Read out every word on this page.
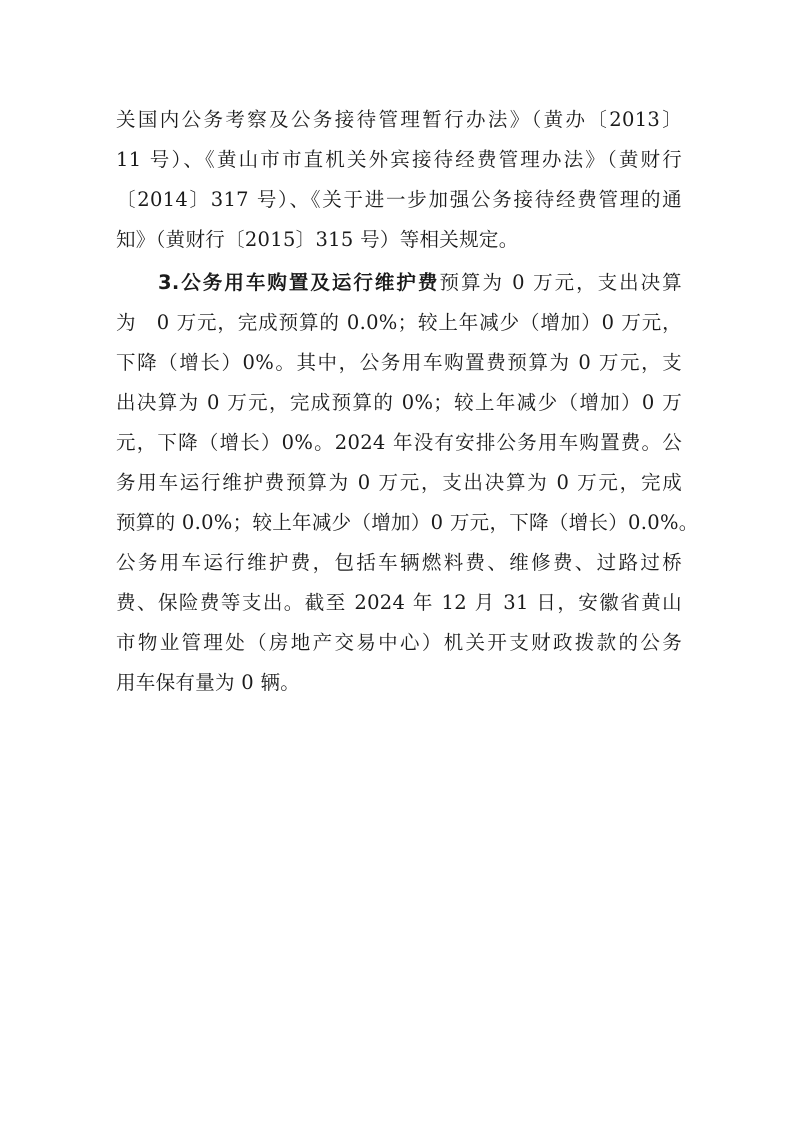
关国内公务考察及公务接待管理暂行办法》（黄办〔2013〕
11 号）、《黄山市市直机关外宾接待经费管理办法》（黄财行
〔2014〕317 号）、《关于进一步加强公务接待经费管理的通
知》（黄财行〔2015〕315 号）等相关规定。
3.公务用车购置及运行维护费预算为 0 万元，支出决算
为　0 万元，完成预算的 0.0%；较上年减少（增加）0 万元，
下降（增长）0%。其中，公务用车购置费预算为 0 万元，支
出决算为 0 万元，完成预算的 0%；较上年减少（增加）0 万
元，下降（增长）0%。2024 年没有安排公务用车购置费。公
务用车运行维护费预算为 0 万元，支出决算为 0 万元，完成
预算的 0.0%；较上年减少（增加）0 万元，下降（增长）0.0%。
公务用车运行维护费，包括车辆燃料费、维修费、过路过桥
费、保险费等支出。截至 2024 年 12 月 31 日，安徽省黄山
市物业管理处（房地产交易中心）机关开支财政拨款的公务
用车保有量为 0 辆。
